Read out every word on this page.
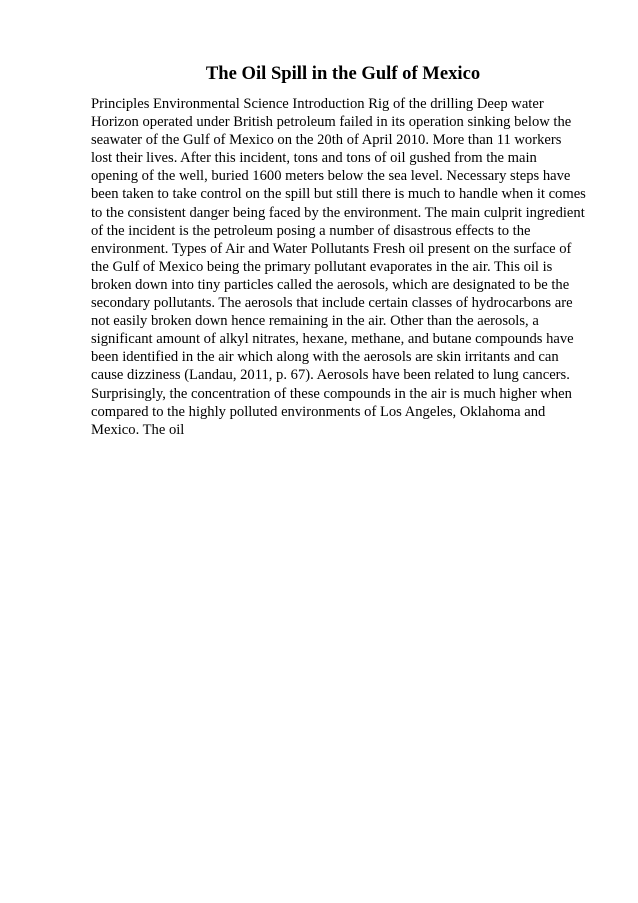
The Oil Spill in the Gulf of Mexico
Principles Environmental Science Introduction Rig of the drilling Deep water
Horizon operated under British petroleum failed in its operation sinking below the
seawater of the Gulf of Mexico on the 20th of April 2010. More than 11 workers
lost their lives. After this incident, tons and tons of oil gushed from the main
opening of the well, buried 1600 meters below the sea level. Necessary steps have
been taken to take control on the spill but still there is much to handle when it comes
to the consistent danger being faced by the environment. The main culprit ingredient
of the incident is the petroleum posing a number of disastrous effects to the
environment. Types of Air and Water Pollutants Fresh oil present on the surface of
the Gulf of Mexico being the primary pollutant evaporates in the air. This oil is
broken down into tiny particles called the aerosols, which are designated to be the
secondary pollutants. The aerosols that include certain classes of hydrocarbons are
not easily broken down hence remaining in the air. Other than the aerosols, a
significant amount of alkyl nitrates, hexane, methane, and butane compounds have
been identified in the air which along with the aerosols are skin irritants and can
cause dizziness (Landau, 2011, p. 67). Aerosols have been related to lung cancers.
Surprisingly, the concentration of these compounds in the air is much higher when
compared to the highly polluted environments of Los Angeles, Oklahoma and
Mexico. The oil
